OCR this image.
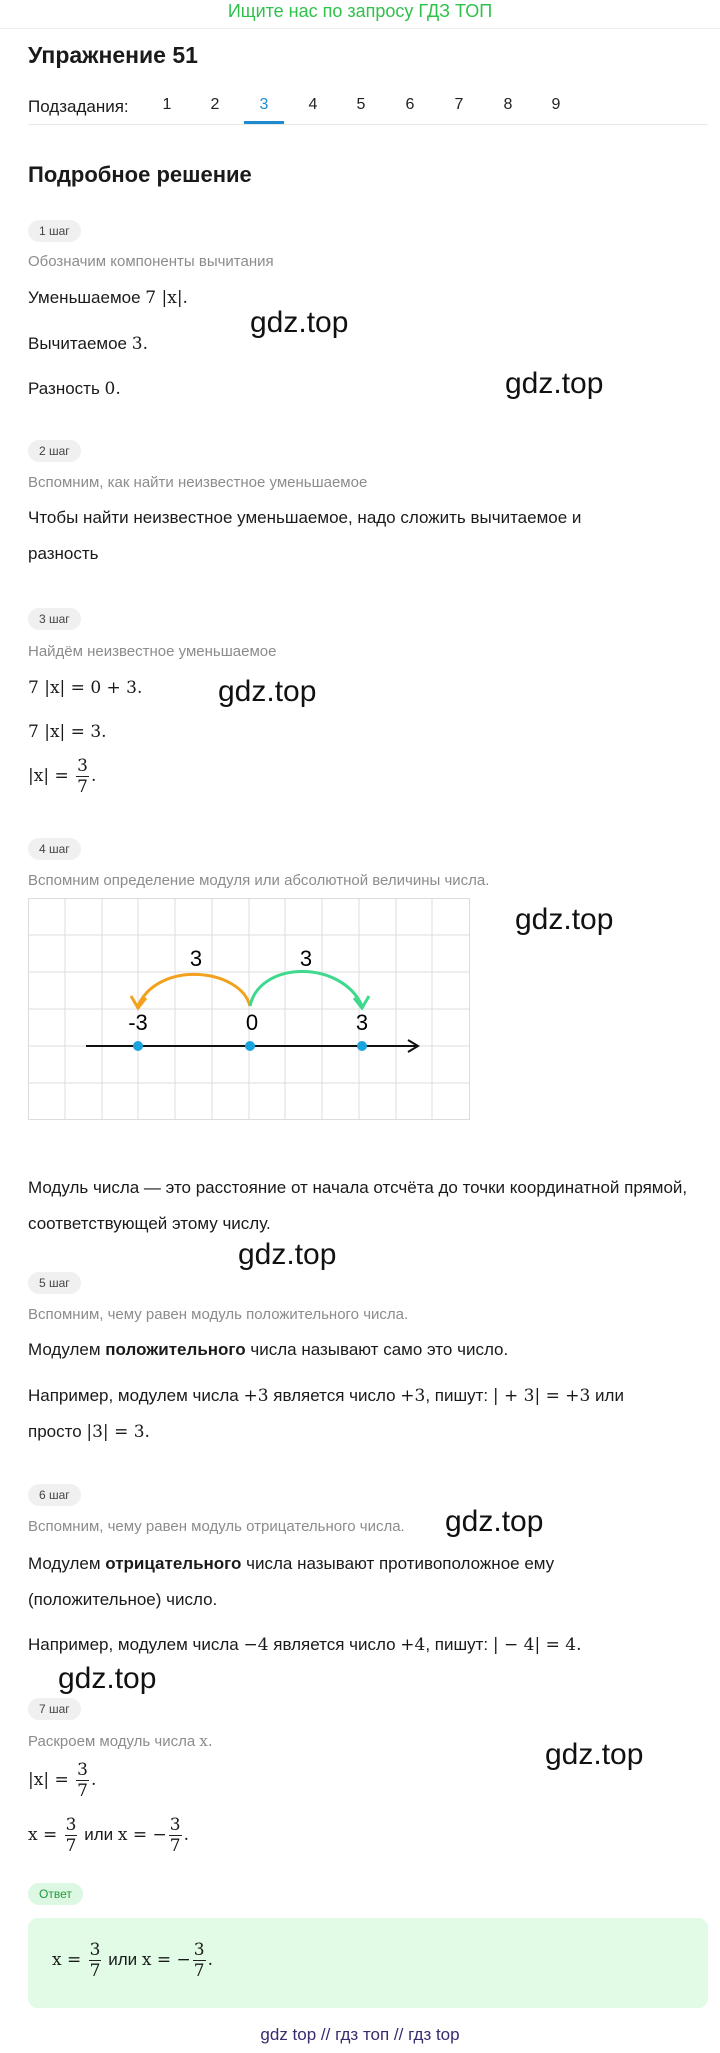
Ищите нас по запросу ГДЗ ТОП
Упражнение 51
Подзадания:	1	2	3	4	5	6	7	8	9
Подробное решение
1 шаг
Обозначим компоненты вычитания
Уменьшаемое 7 |x|.
Вычитаемое 3.
Разность 0.
gdz.top
gdz.top
2 шаг
Вспомним, как найти неизвестное уменьшаемое
Чтобы найти неизвестное уменьшаемое, надо сложить вычитаемое и разность
3 шаг
Найдём неизвестное уменьшаемое
7 |x| = 0 + 3.
7 |x| = 3.
$|x| = \frac{3}{7}$ .
gdz.top
4 шаг
Вспомним определение модуля или абсолютной величины числа.
gdz.top
3	3
-3	0	3
Модуль числа — это расстояние от начала отсчёта до точки координатной прямой, соответствующей этому числу.
gdz.top
5 шаг
Вспомним, чему равен модуль положительного числа.
Модулем положительного числа называют само это число.
Например, модулем числа +3 является число +3, пишут: | + 3| = +3 или
просто |3| = 3.
6 шаг
Вспомним, чему равен модуль отрицательного числа. gdz.top
Модулем отрицательного числа называют противоположное ему (положительное) число.
Например, модулем числа −4 является число +4, пишут: | − 4| = 4.
gdz.top
7 шаг
Раскроем модуль числа x.	gdz.top
$|x| = \frac{3}{7}$ .
$x = \frac{3}{7}$ или x = − $\frac{3}{7}$ .
Ответ
$x = \frac{3}{7}$ или x = − $\frac{3}{7}$ .
gdz top // гдз топ // гдз top
